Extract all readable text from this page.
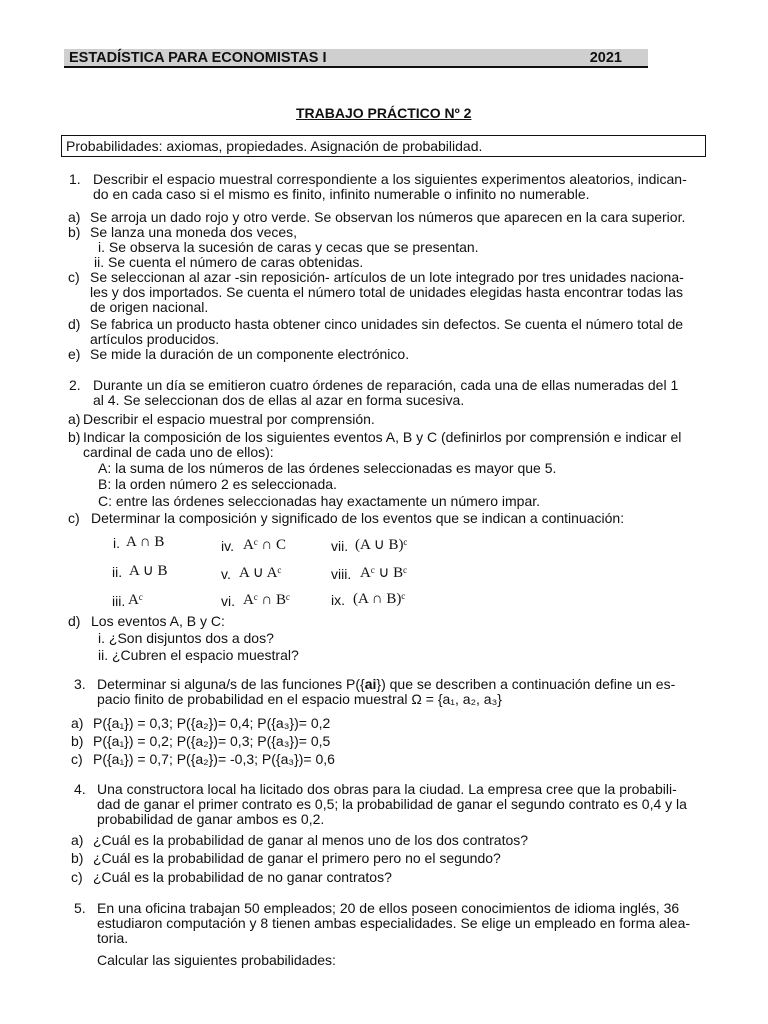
ESTADÍSTICA PARA ECONOMISTAS I	2021
TRABAJO PRÁCTICO Nº 2
Probabilidades: axiomas, propiedades. Asignación de probabilidad.
1. Describir el espacio muestral correspondiente a los siguientes experimentos aleatorios, indican-
do en cada caso si el mismo es finito, infinito numerable o infinito no numerable.
a) Se arroja un dado rojo y otro verde. Se observan los números que aparecen en la cara superior.
b) Se lanza una moneda dos veces,
i. Se observa la sucesión de caras y cecas que se presentan.
ii. Se cuenta el número de caras obtenidas.
c) Se seleccionan al azar -sin reposición- artículos de un lote integrado por tres unidades naciona-
les y dos importados. Se cuenta el número total de unidades elegidas hasta encontrar todas las
de origen nacional.
d) Se fabrica un producto hasta obtener cinco unidades sin defectos. Se cuenta el número total de
artículos producidos.
e) Se mide la duración de un componente electrónico.
2. Durante un día se emitieron cuatro órdenes de reparación, cada una de ellas numeradas del 1
al 4. Se seleccionan dos de ellas al azar en forma sucesiva.
a) Describir el espacio muestral por comprensión.
b) Indicar la composición de los siguientes eventos A, B y C (definirlos por comprensión e indicar el
cardinal de cada uno de ellos):
A: la suma de los números de las órdenes seleccionadas es mayor que 5.
B: la orden número 2 es seleccionada.
C: entre las órdenes seleccionadas hay exactamente un número impar.
c) Determinar la composición y significado de los eventos que se indican a continuación:
i. A ∩ B	iv. Aᶜ ∩ C	vii. (A ∪ B)ᶜ
ii. A ∪ B	v. A ∪ Aᶜ	viii. Aᶜ ∪ Bᶜ
iii. Aᶜ	vi. Aᶜ ∩ Bᶜ	ix. (A ∩ B)ᶜ
d) Los eventos A, B y C:
i. ¿Son disjuntos dos a dos?
ii. ¿Cubren el espacio muestral?
3. Determinar si alguna/s de las funciones P({ai}) que se describen a continuación define un es-
pacio finito de probabilidad en el espacio muestral Ω = {a₁, a₂, a₃}
a) P({a₁}) = 0,3; P({a₂})= 0,4; P({a₃})= 0,2
b) P({a₁}) = 0,2; P({a₂})= 0,3; P({a₃})= 0,5
c) P({a₁}) = 0,7; P({a₂})= -0,3; P({a₃})= 0,6
4. Una constructora local ha licitado dos obras para la ciudad. La empresa cree que la probabili-
dad de ganar el primer contrato es 0,5; la probabilidad de ganar el segundo contrato es 0,4 y la
probabilidad de ganar ambos es 0,2.
a) ¿Cuál es la probabilidad de ganar al menos uno de los dos contratos?
b) ¿Cuál es la probabilidad de ganar el primero pero no el segundo?
c) ¿Cuál es la probabilidad de no ganar contratos?
5. En una oficina trabajan 50 empleados; 20 de ellos poseen conocimientos de idioma inglés, 36
estudiaron computación y 8 tienen ambas especialidades. Se elige un empleado en forma alea-
toria.
Calcular las siguientes probabilidades:
